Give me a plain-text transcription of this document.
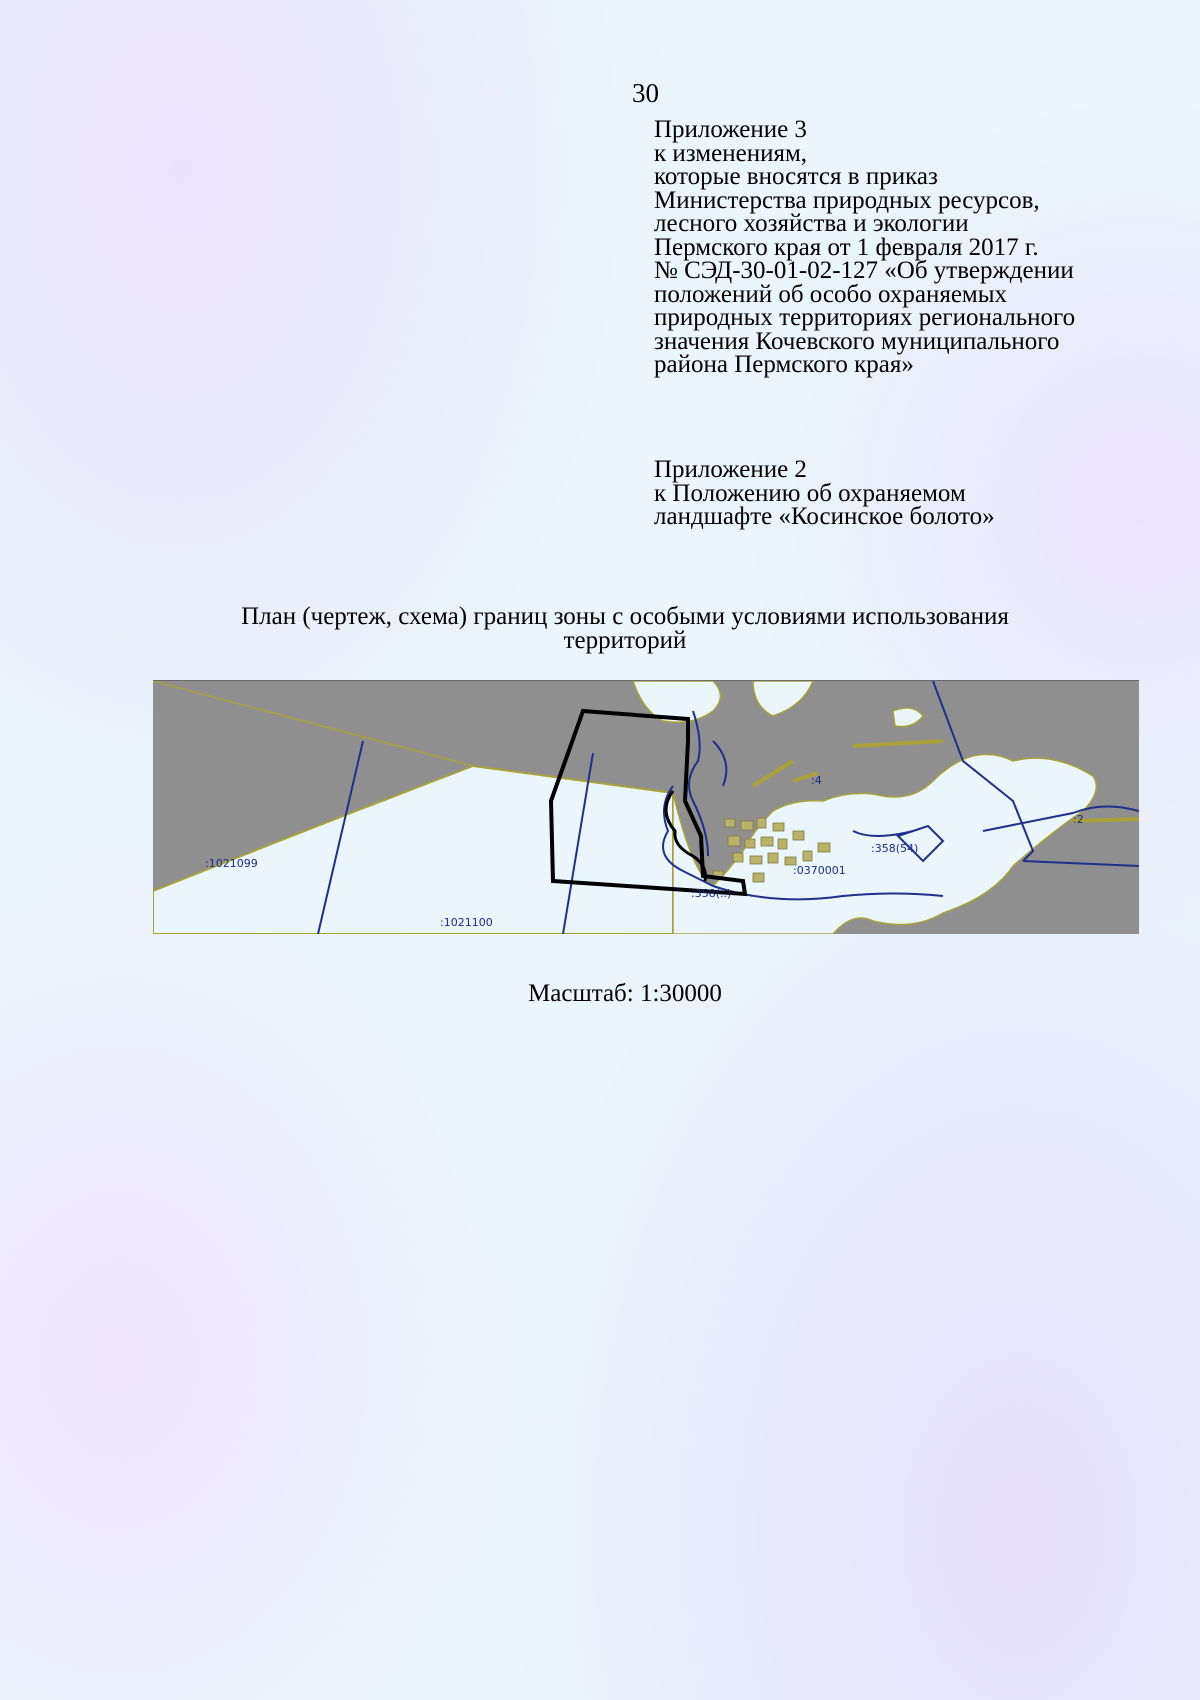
30
Приложение 3
к изменениям,
которые вносятся в приказ
Министерства природных ресурсов,
лесного хозяйства и экологии
Пермского края от 1 февраля 2017 г.
№ СЭД-30-01-02-127 «Об утверждении
положений об особо охраняемых
природных территориях регионального
значения Кочевского муниципального
района Пермского края»
Приложение 2
к Положению об охраняемом
ландшафте «Косинское болото»
План (чертеж, схема) границ зоны с особыми условиями использования
территорий
:1021099
:1021100
:4
:0370001
:358(54)
:2
:358(..)
Масштаб: 1:30000
